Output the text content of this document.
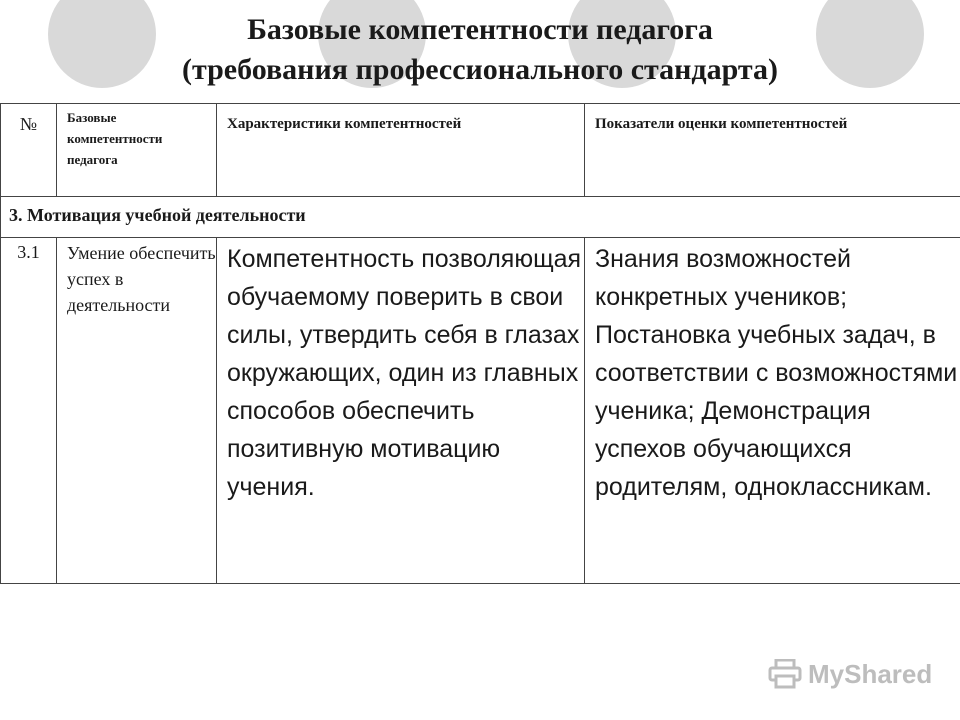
Базовые компетентности педагога
(требования профессионального стандарта)
№	Базовые компетентности педагога	Характеристики компетентностей	Показатели оценки компетентностей
3. Мотивация учебной деятельности			
3.1	Умение обеспечить успех в деятельности	Компетентность позволяющая обучаемому поверить в свои силы, утвердить себя в глазах окружающих, один из главных способов обеспечить позитивную мотивацию учения.	Знания возможностей конкретных учеников; Постановка учебных задач, в соответствии с возможностями ученика; Демонстрация успехов обучающихся родителям, одноклассникам.
MyShared
